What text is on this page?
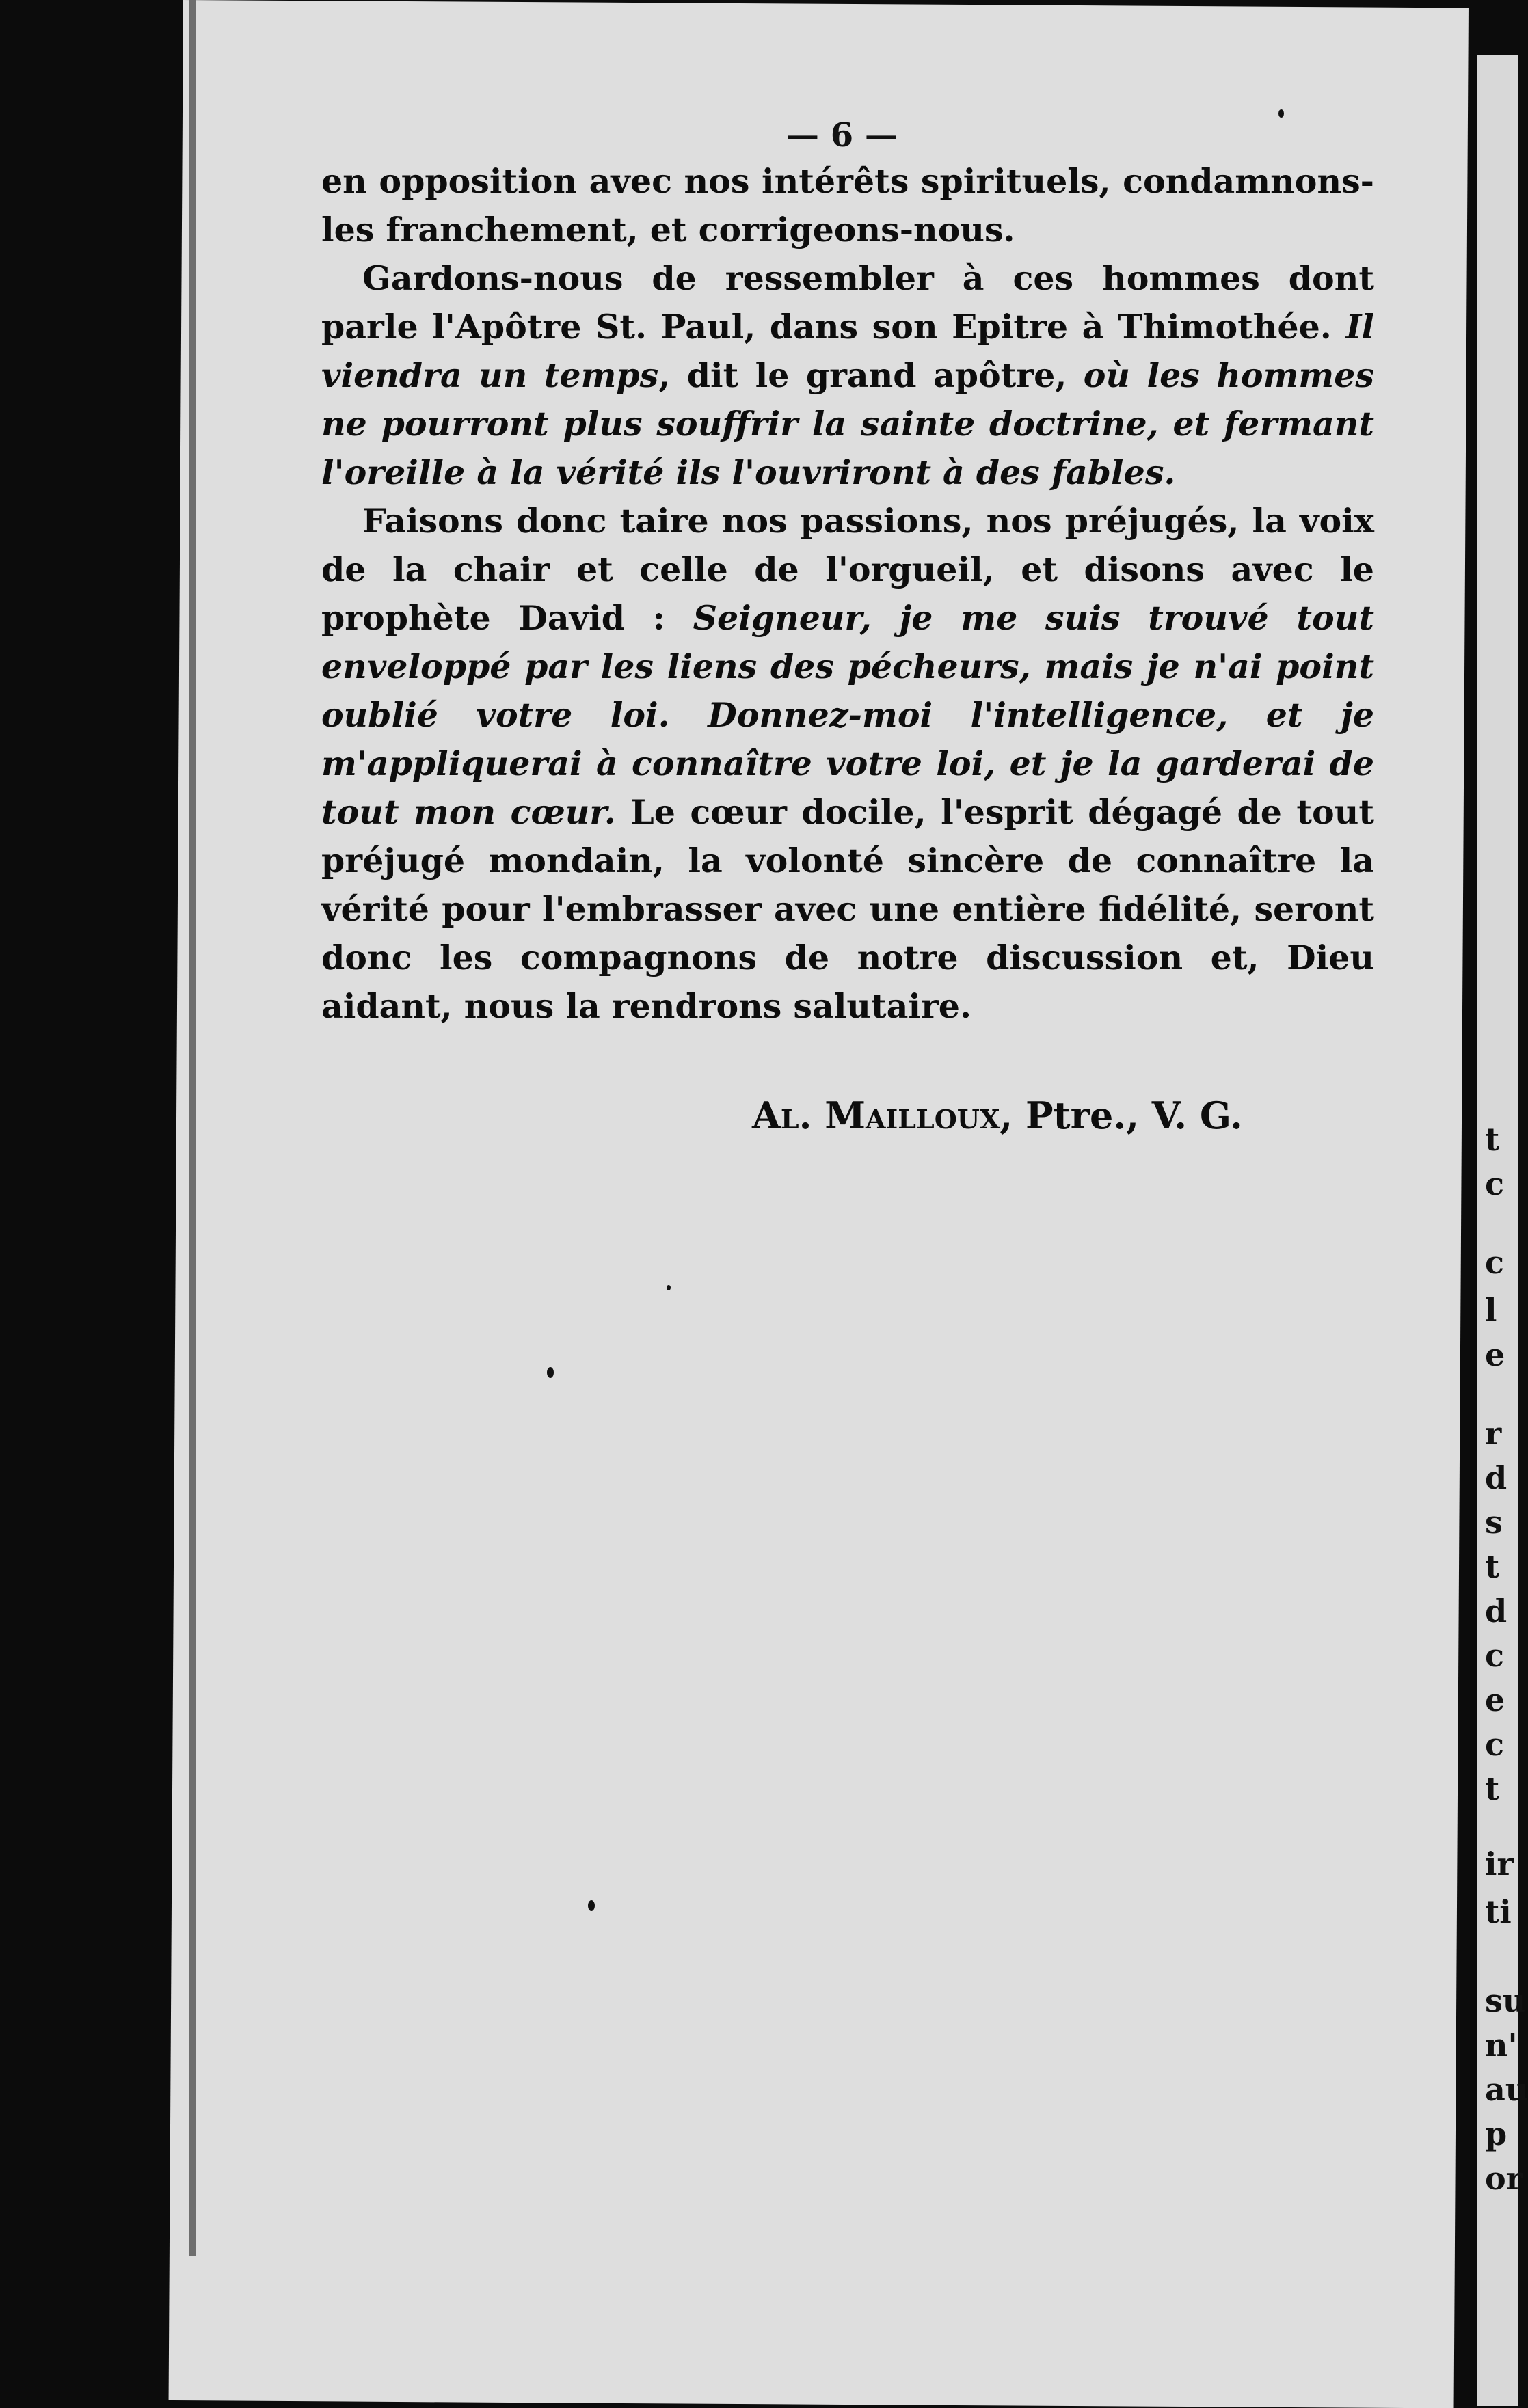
t
c
c
l
e
r
d
s
t
d
c
e
c
t
ir
ti
su
n'
au
p
or
— 6 —

en opposition avec nos intérêts spirituels, condamnons-les franchement, et corrigeons-nous.

Gardons-nous de ressembler à ces hommes dont parle l'Apôtre St. Paul, dans son Epitre à Thimothée. Il viendra un temps, dit le grand apôtre, où les hommes ne pourront plus souffrir la sainte doctrine, et fermant l'oreille à la vérité ils l'ouvriront à des fables.

Faisons donc taire nos passions, nos préjugés, la voix de la chair et celle de l'orgueil, et disons avec le prophète David : Seigneur, je me suis trouvé tout enveloppé par les liens des pécheurs, mais je n'ai point oublié votre loi. Donnez-moi l'intelligence, et je m'appliquerai à connaître votre loi, et je la garderai de tout mon cœur. Le cœur docile, l'esprit dégagé de tout préjugé mondain, la volonté sincère de connaître la vérité pour l'embrasser avec une entière fidélité, seront donc les compagnons de notre discussion et, Dieu aidant, nous la rendrons salutaire.

Al. Mailloux, Ptre., V. G.
